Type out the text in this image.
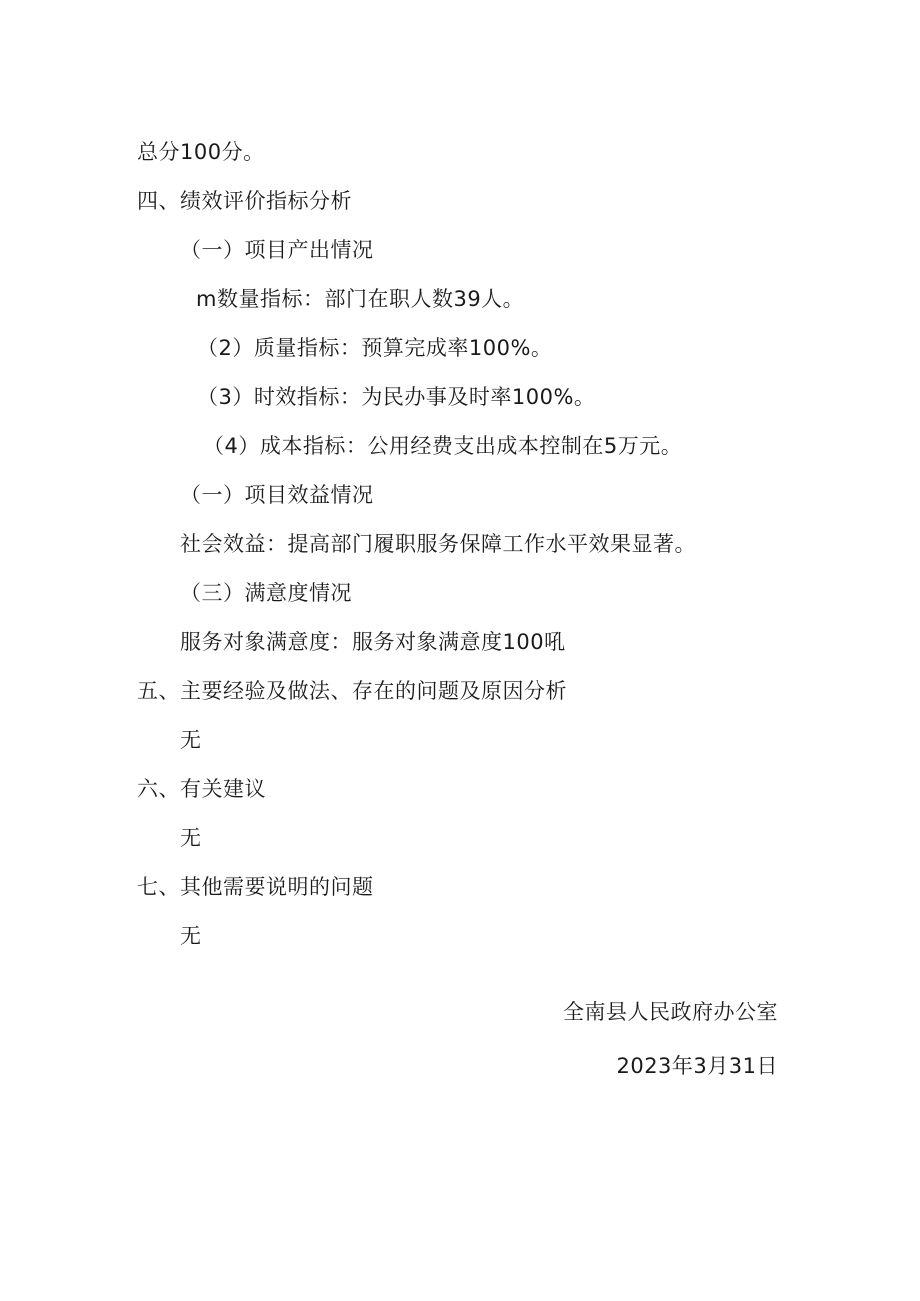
总分100分。
四、绩效评价指标分析
（一）项目产出情况
m数量指标：部门在职人数39人。
（2）质量指标：预算完成率100%。
（3）时效指标：为民办事及时率100%。
（4）成本指标：公用经费支出成本控制在5万元。
（一）项目效益情况
社会效益：提高部门履职服务保障工作水平效果显著。
（三）满意度情况
服务对象满意度：服务对象满意度100吼
五、主要经验及做法、存在的问题及原因分析
无
六、有关建议
无
七、其他需要说明的问题
无
全南县人民政府办公室
2023年3月31日
